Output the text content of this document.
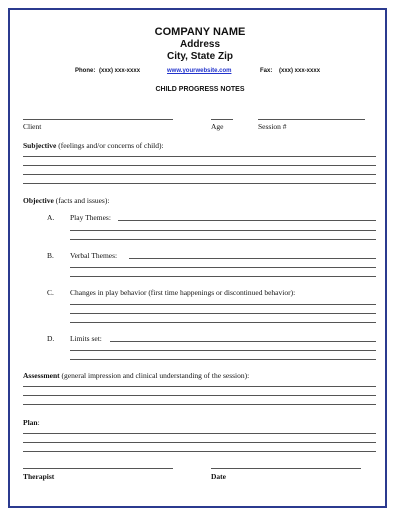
COMPANY NAME
Address
City, State Zip
Phone: (xxx) xxx-xxxx	www.yourwebsite.com	Fax: (xxx) xxx-xxxx
CHILD PROGRESS NOTES
Client	Age	Session #
Subjective (feelings and/or concerns of child):
Objective (facts and issues):
A. Play Themes:
B. Verbal Themes:
C. Changes in play behavior (first time happenings or discontinued behavior):
D. Limits set:
Assessment (general impression and clinical understanding of the session):
Plan:
Therapist	Date
